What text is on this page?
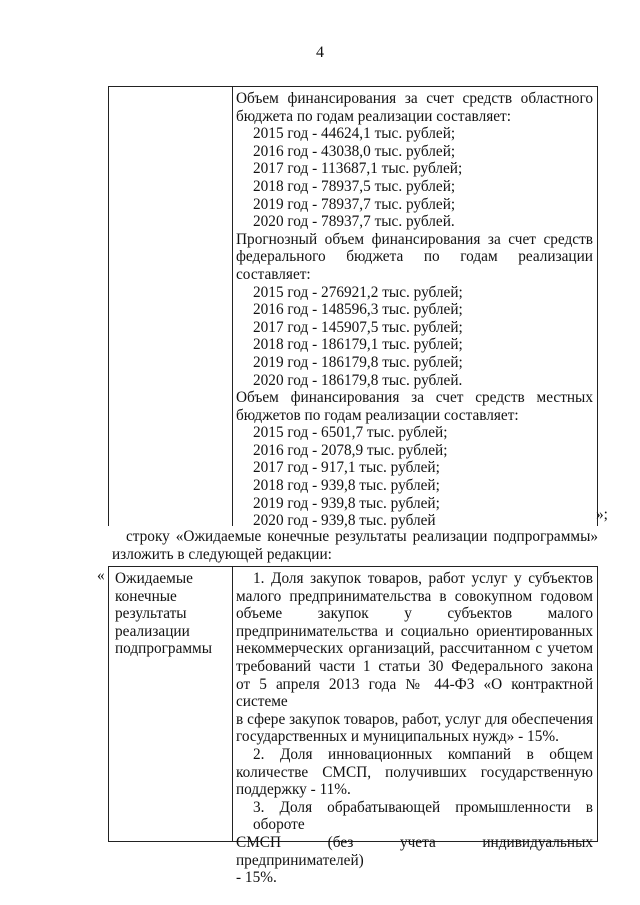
4
Объем финансирования за счет средств областного
бюджета по годам реализации составляет:
2015 год - 44624,1 тыс. рублей;
2016 год - 43038,0 тыс. рублей;
2017 год - 113687,1 тыс. рублей;
2018 год - 78937,5 тыс. рублей;
2019 год - 78937,7 тыс. рублей;
2020 год - 78937,7 тыс. рублей.
Прогнозный объем финансирования за счет средств
федерального бюджета по годам реализации
составляет:
2015 год - 276921,2 тыс. рублей;
2016 год - 148596,3 тыс. рублей;
2017 год - 145907,5 тыс. рублей;
2018 год - 186179,1 тыс. рублей;
2019 год - 186179,8 тыс. рублей;
2020 год - 186179,8 тыс. рублей.
Объем финансирования за счет средств местных
бюджетов по годам реализации составляет:
2015 год - 6501,7 тыс. рублей;
2016 год - 2078,9 тыс. рублей;
2017 год - 917,1 тыс. рублей;
2018 год - 939,8 тыс. рублей;
2019 год - 939,8 тыс. рублей;
2020 год - 939,8 тыс. рублей	»;
строку «Ожидаемые конечные результаты реализации подпрограммы»
изложить в следующей редакции:
« Ожидаемые
конечные
результаты
реализации
подпрограммы
1. Доля закупок товаров, работ услуг у субъектов
малого предпринимательства в совокупном годовом
объеме закупок у субъектов малого
предпринимательства и социально ориентированных
некоммерческих организаций, рассчитанном с учетом
требований части 1 статьи 30 Федерального закона
от 5 апреля 2013 года № 44-ФЗ «О контрактной системе
в сфере закупок товаров, работ, услуг для обеспечения
государственных и муниципальных нужд» - 15%.
2. Доля инновационных компаний в общем
количестве СМСП, получивших государственную
поддержку - 11%.
3. Доля обрабатывающей промышленности в обороте
СМСП (без учета индивидуальных предпринимателей)
- 15%.
